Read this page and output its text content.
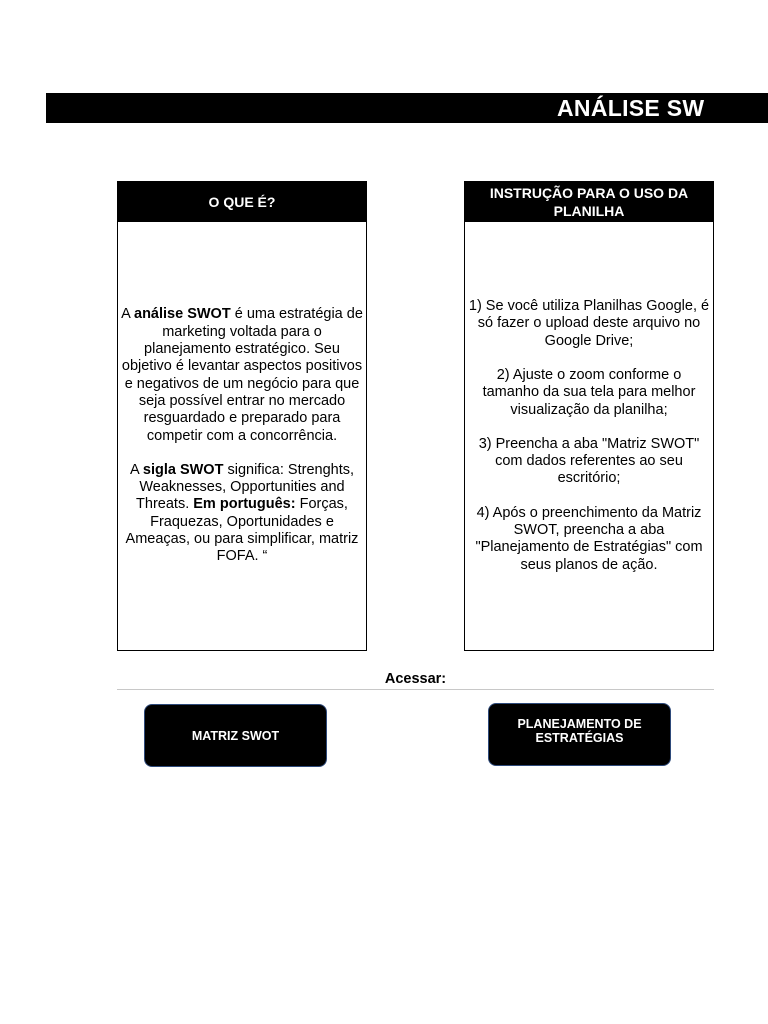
ANÁLISE SW
O QUE É?

A análise SWOT é uma estratégia de marketing voltada para o planejamento estratégico. Seu objetivo é levantar aspectos positivos e negativos de um negócio para que seja possível entrar no mercado resguardado e preparado para competir com a concorrência.

A sigla SWOT significa: Strenghts, Weaknesses, Opportunities and Threats. Em português: Forças, Fraquezas, Oportunidades e Ameaças, ou para simplificar, matriz FOFA. “

INSTRUÇÃO PARA O USO DA PLANILHA

1) Se você utiliza Planilhas Google, é só fazer o upload deste arquivo no Google Drive;

2) Ajuste o zoom conforme o tamanho da sua tela para melhor visualização da planilha;

3) Preencha a aba "Matriz SWOT" com dados referentes ao seu escritório;

4) Após o preenchimento da Matriz SWOT, preencha a aba "Planejamento de Estratégias" com seus planos de ação.

Acessar:
MATRIZ SWOT
PLANEJAMENTO DE ESTRATÉGIAS
